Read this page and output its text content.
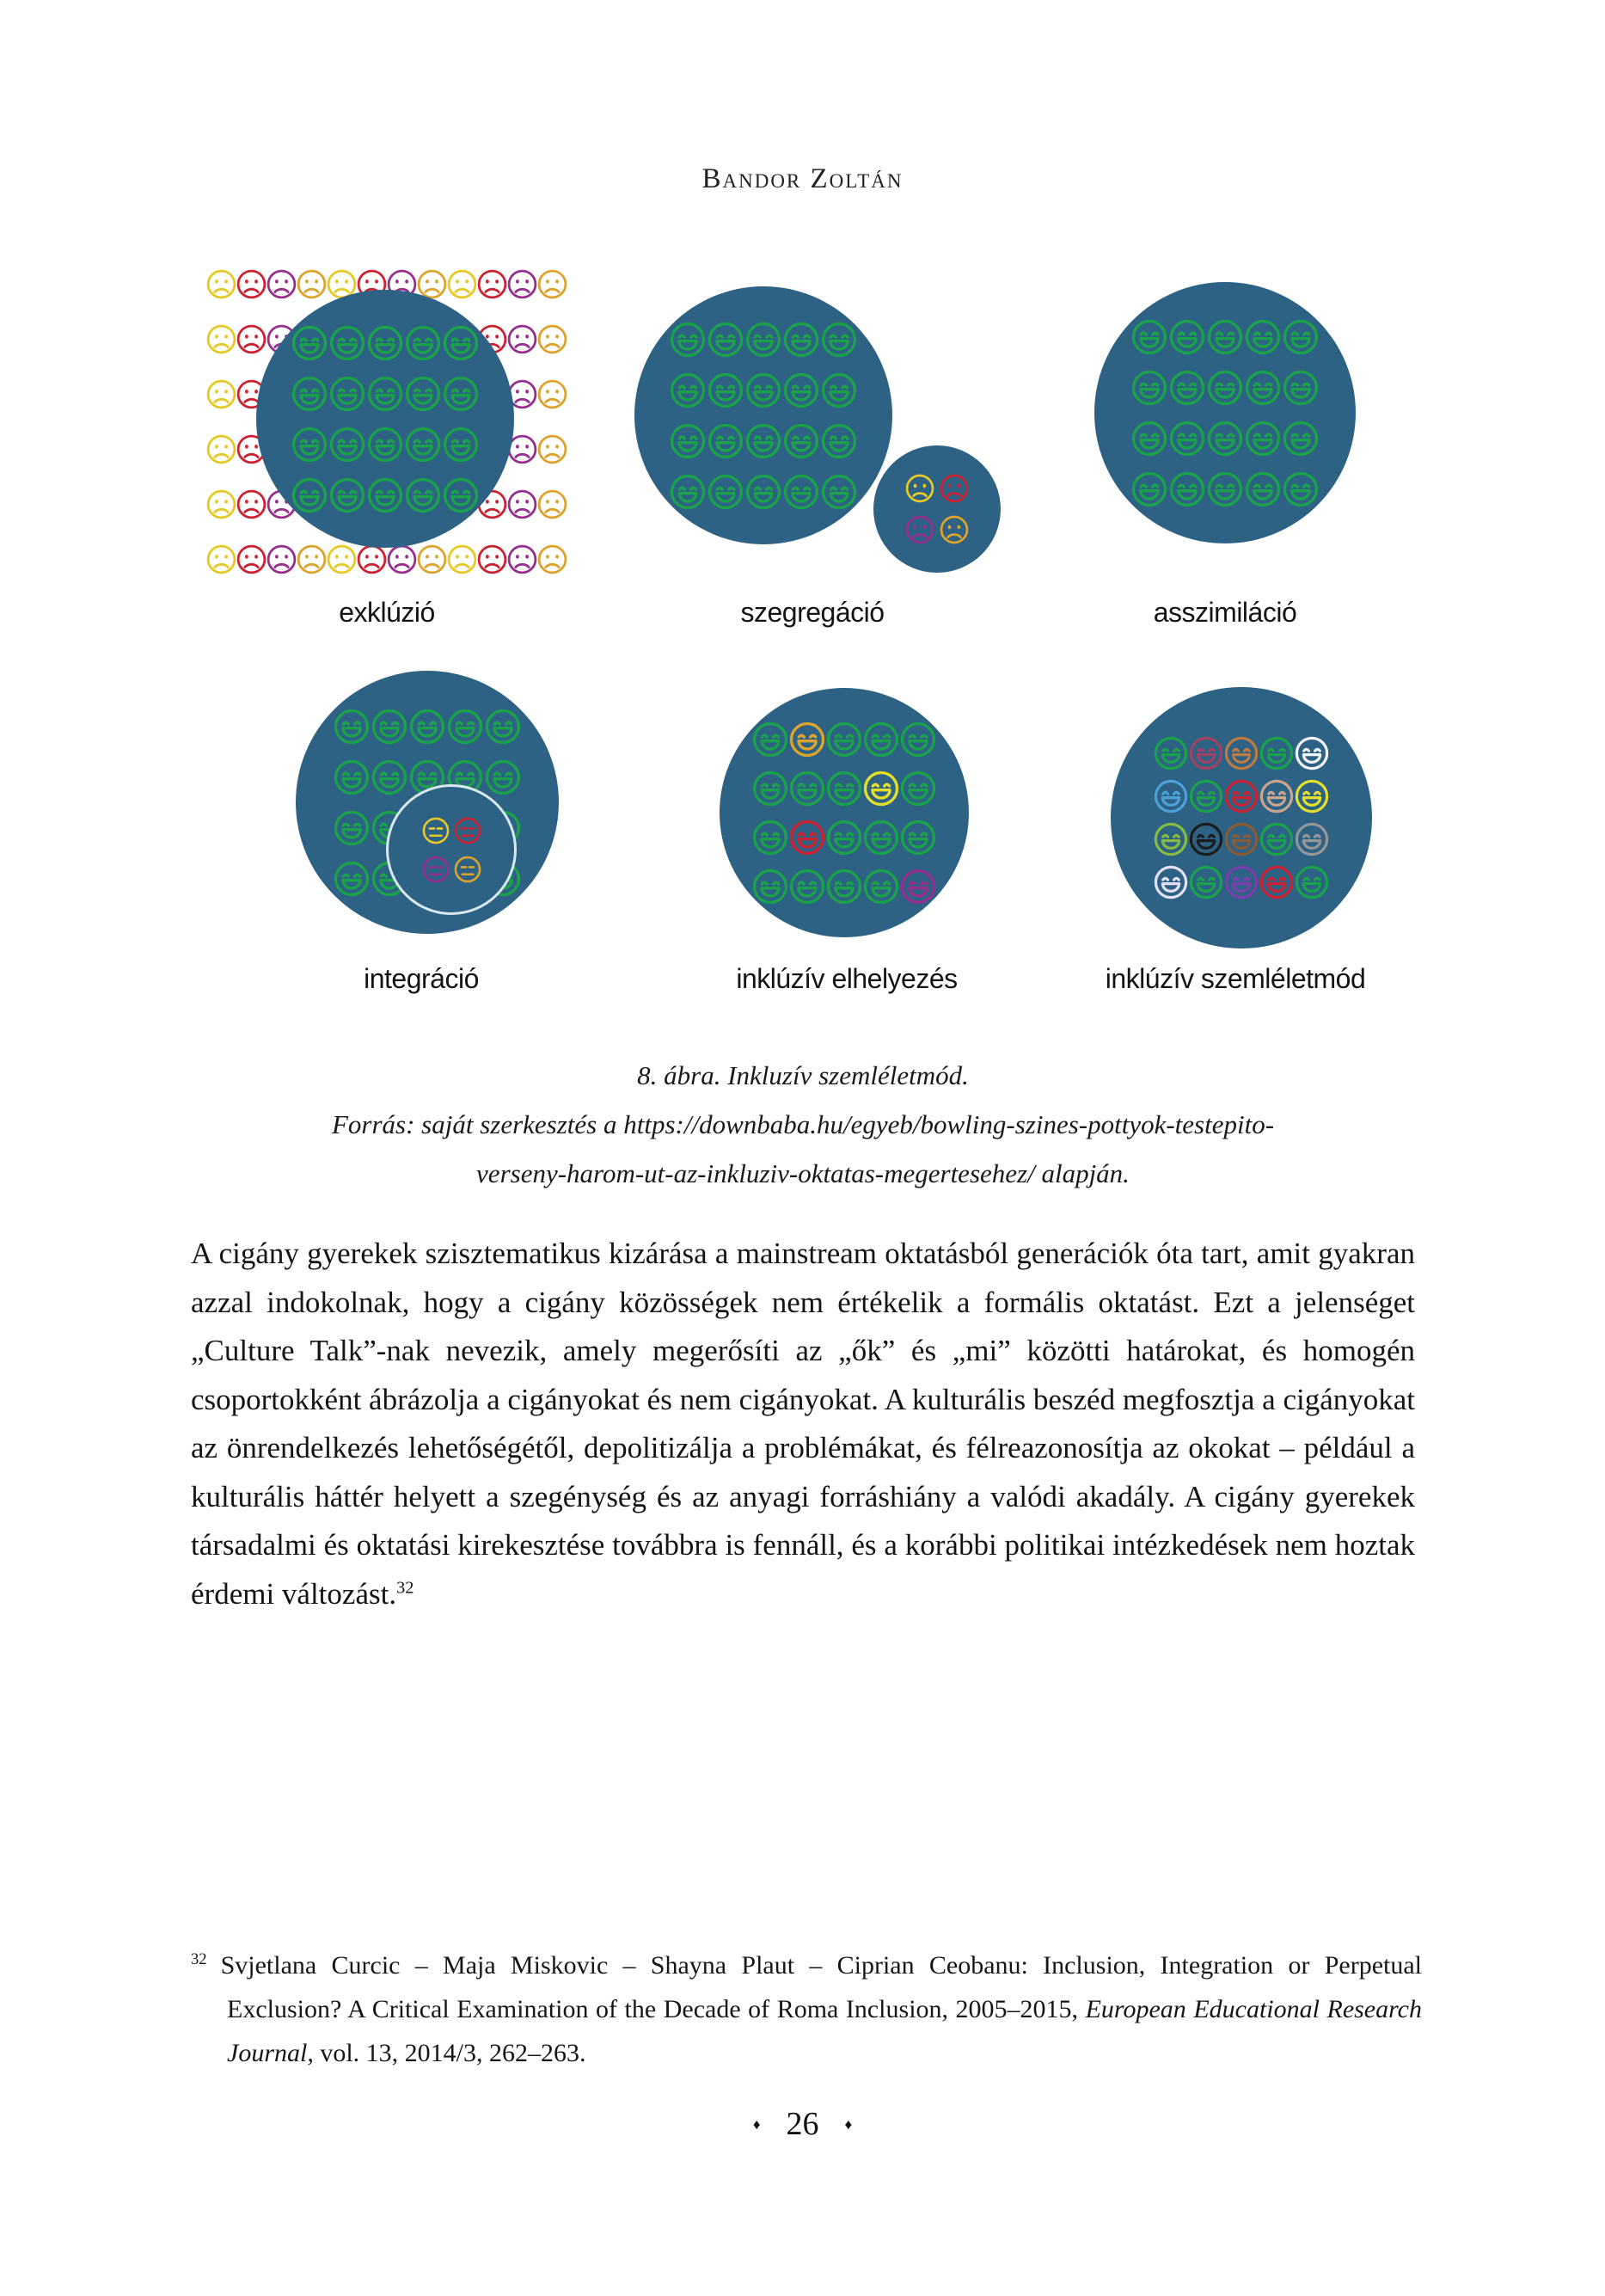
Bandor Zoltán
exklúzió	szegregáció	asszimiláció
integráció	inklúzív elhelyezés	inklúzív szemléletmód
8. ábra. Inkluzív szemléletmód.
Forrás: saját szerkesztés a https://downbaba.hu/egyeb/bowling-szines-pottyok-testepito-
verseny-harom-ut-az-inkluziv-oktatas-megertesehez/ alapján.

A cigány gyerekek szisztematikus kizárása a mainstream oktatásból generációk óta tart, amit gyakran azzal indokolnak, hogy a cigány közösségek nem értékelik a formális oktatást. Ezt a jelenséget „Culture Talk”-nak nevezik, amely megerősíti az „ők” és „mi” közötti határokat, és homogén csoportokként ábrázolja a cigányokat és nem cigányokat. A kulturális beszéd megfosztja a cigányokat az önrendelkezés lehetőségétől, depolitizálja a problémákat, és félreazonosítja az okokat – például a kulturális háttér helyett a szegénység és az anyagi forráshiány a valódi akadály. A cigány gyerekek társadalmi és oktatási kirekesztése továbbra is fennáll, és a korábbi politikai intézkedések nem hoztak érdemi változást.$^{32}$

$^{32}$ Svjetlana Curcic – Maja Miskovic – Shayna Plaut – Ciprian Ceobanu: Inclusion, Integration or Perpetual Exclusion? A Critical Examination of the Decade of Roma Inclusion, 2005–2015, European Educational Research Journal, vol. 13, 2014/3, 262–263.
♦ 26 ♦
